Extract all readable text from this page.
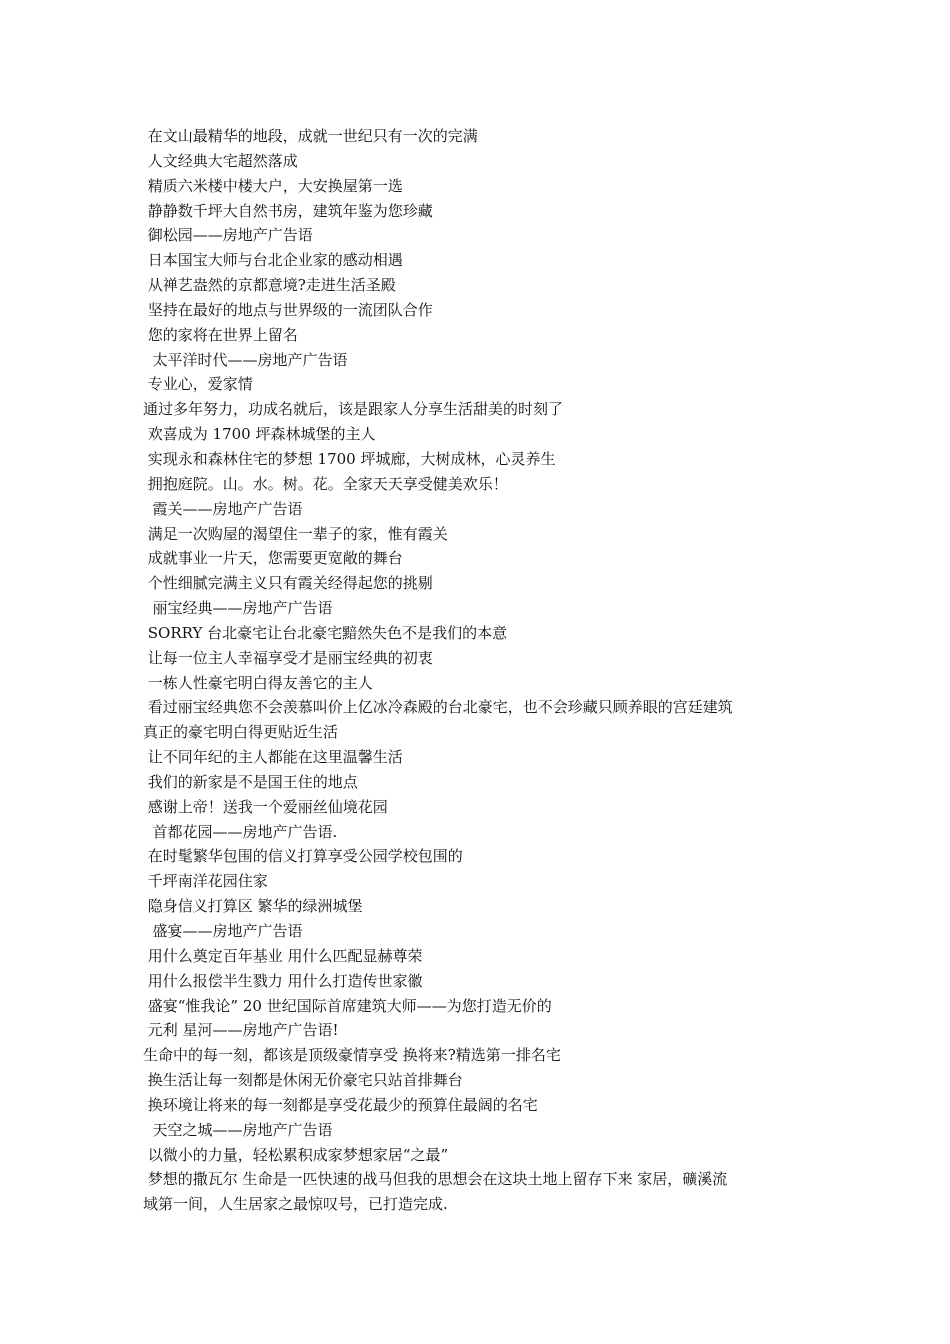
在文山最精华的地段，成就一世纪只有一次的完满
人文经典大宅超然落成
精质六米楼中楼大户，大安换屋第一选
静静数千坪大自然书房，建筑年鉴为您珍藏
御松园——房地产广告语
日本国宝大师与台北企业家的感动相遇
从禅艺盎然的京都意境?走进生活圣殿
坚持在最好的地点与世界级的一流团队合作
您的家将在世界上留名
太平洋时代——房地产广告语
专业心，爱家情
通过多年努力，功成名就后，该是跟家人分享生活甜美的时刻了
欢喜成为 1700 坪森林城堡的主人
实现永和森林住宅的梦想 1700 坪城廊，大树成林，心灵养生
拥抱庭院。山。水。树。花。全家天天享受健美欢乐！
霞关——房地产广告语
满足一次购屋的渴望住一辈子的家，惟有霞关
成就事业一片天，您需要更宽敞的舞台
个性细腻完满主义只有霞关经得起您的挑剔
丽宝经典——房地产广告语
SORRY 台北豪宅让台北豪宅黯然失色不是我们的本意
让每一位主人幸福享受才是丽宝经典的初衷
一栋人性豪宅明白得友善它的主人
看过丽宝经典您不会羡慕叫价上亿冰冷森殿的台北豪宅，也不会珍藏只顾养眼的宫廷建筑
真正的豪宅明白得更贴近生活
让不同年纪的主人都能在这里温馨生活
我们的新家是不是国王住的地点
感谢上帝！送我一个爱丽丝仙境花园
首都花园——房地产广告语.
在时髦繁华包围的信义打算享受公园学校包围的
千坪南洋花园住家
隐身信义打算区 繁华的绿洲城堡
盛宴——房地产广告语
用什么奠定百年基业 用什么匹配显赫尊荣
用什么报偿半生戮力 用什么打造传世家徽
盛宴“惟我论” 20 世纪国际首席建筑大师——为您打造无价的
元利 星河——房地产广告语!
生命中的每一刻，都该是顶级豪情享受 换将来?精选第一排名宅
换生活让每一刻都是休闲无价豪宅只站首排舞台
换环境让将来的每一刻都是享受花最少的预算住最阔的名宅
天空之城——房地产广告语
以微小的力量，轻松累积成家梦想家居“之最”
梦想的撒瓦尔 生命是一匹快速的战马但我的思想会在这块土地上留存下来 家居，礦溪流
域第一间，人生居家之最惊叹号，已打造完成.
